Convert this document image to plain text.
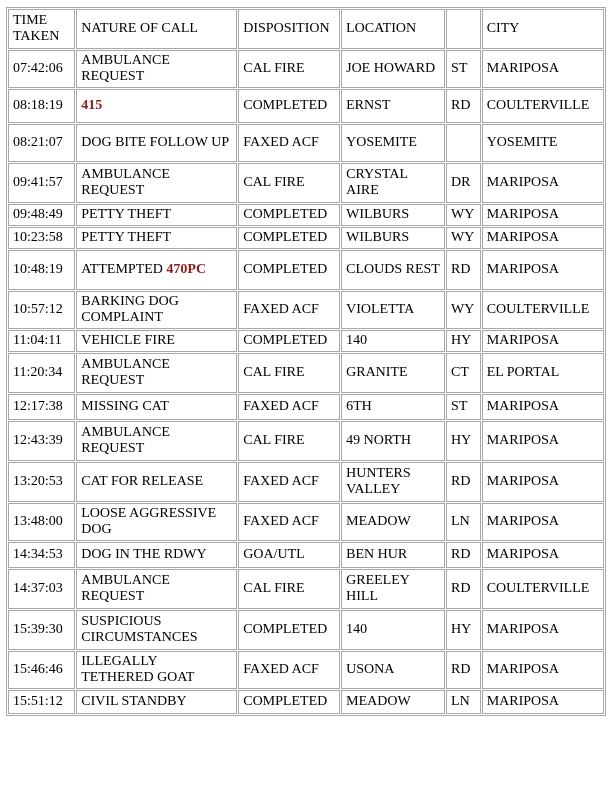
TIME TAKEN	NATURE OF CALL	DISPOSITION	LOCATION		CITY
07:42:06	AMBULANCE REQUEST	CAL FIRE	JOE HOWARD	ST	MARIPOSA
08:18:19	415	COMPLETED	ERNST	RD	COULTERVILLE
08:21:07	DOG BITE FOLLOW UP	FAXED ACF	YOSEMITE		YOSEMITE
09:41:57	AMBULANCE REQUEST	CAL FIRE	CRYSTAL AIRE	DR	MARIPOSA
09:48:49	PETTY THEFT	COMPLETED	WILBURS	WY	MARIPOSA
10:23:58	PETTY THEFT	COMPLETED	WILBURS	WY	MARIPOSA
10:48:19	ATTEMPTED 470PC	COMPLETED	CLOUDS REST	RD	MARIPOSA
10:57:12	BARKING DOG COMPLAINT	FAXED ACF	VIOLETTA	WY	COULTERVILLE
11:04:11	VEHICLE FIRE	COMPLETED	140	HY	MARIPOSA
11:20:34	AMBULANCE REQUEST	CAL FIRE	GRANITE	CT	EL PORTAL
12:17:38	MISSING CAT	FAXED ACF	6TH	ST	MARIPOSA
12:43:39	AMBULANCE REQUEST	CAL FIRE	49 NORTH	HY	MARIPOSA
13:20:53	CAT FOR RELEASE	FAXED ACF	HUNTERS VALLEY	RD	MARIPOSA
13:48:00	LOOSE AGGRESSIVE DOG	FAXED ACF	MEADOW	LN	MARIPOSA
14:34:53	DOG IN THE RDWY	GOA/UTL	BEN HUR	RD	MARIPOSA
14:37:03	AMBULANCE REQUEST	CAL FIRE	GREELEY HILL	RD	COULTERVILLE
15:39:30	SUSPICIOUS CIRCUMSTANCES	COMPLETED	140	HY	MARIPOSA
15:46:46	ILLEGALLY TETHERED GOAT	FAXED ACF	USONA	RD	MARIPOSA
15:51:12	CIVIL STANDBY	COMPLETED	MEADOW	LN	MARIPOSA
